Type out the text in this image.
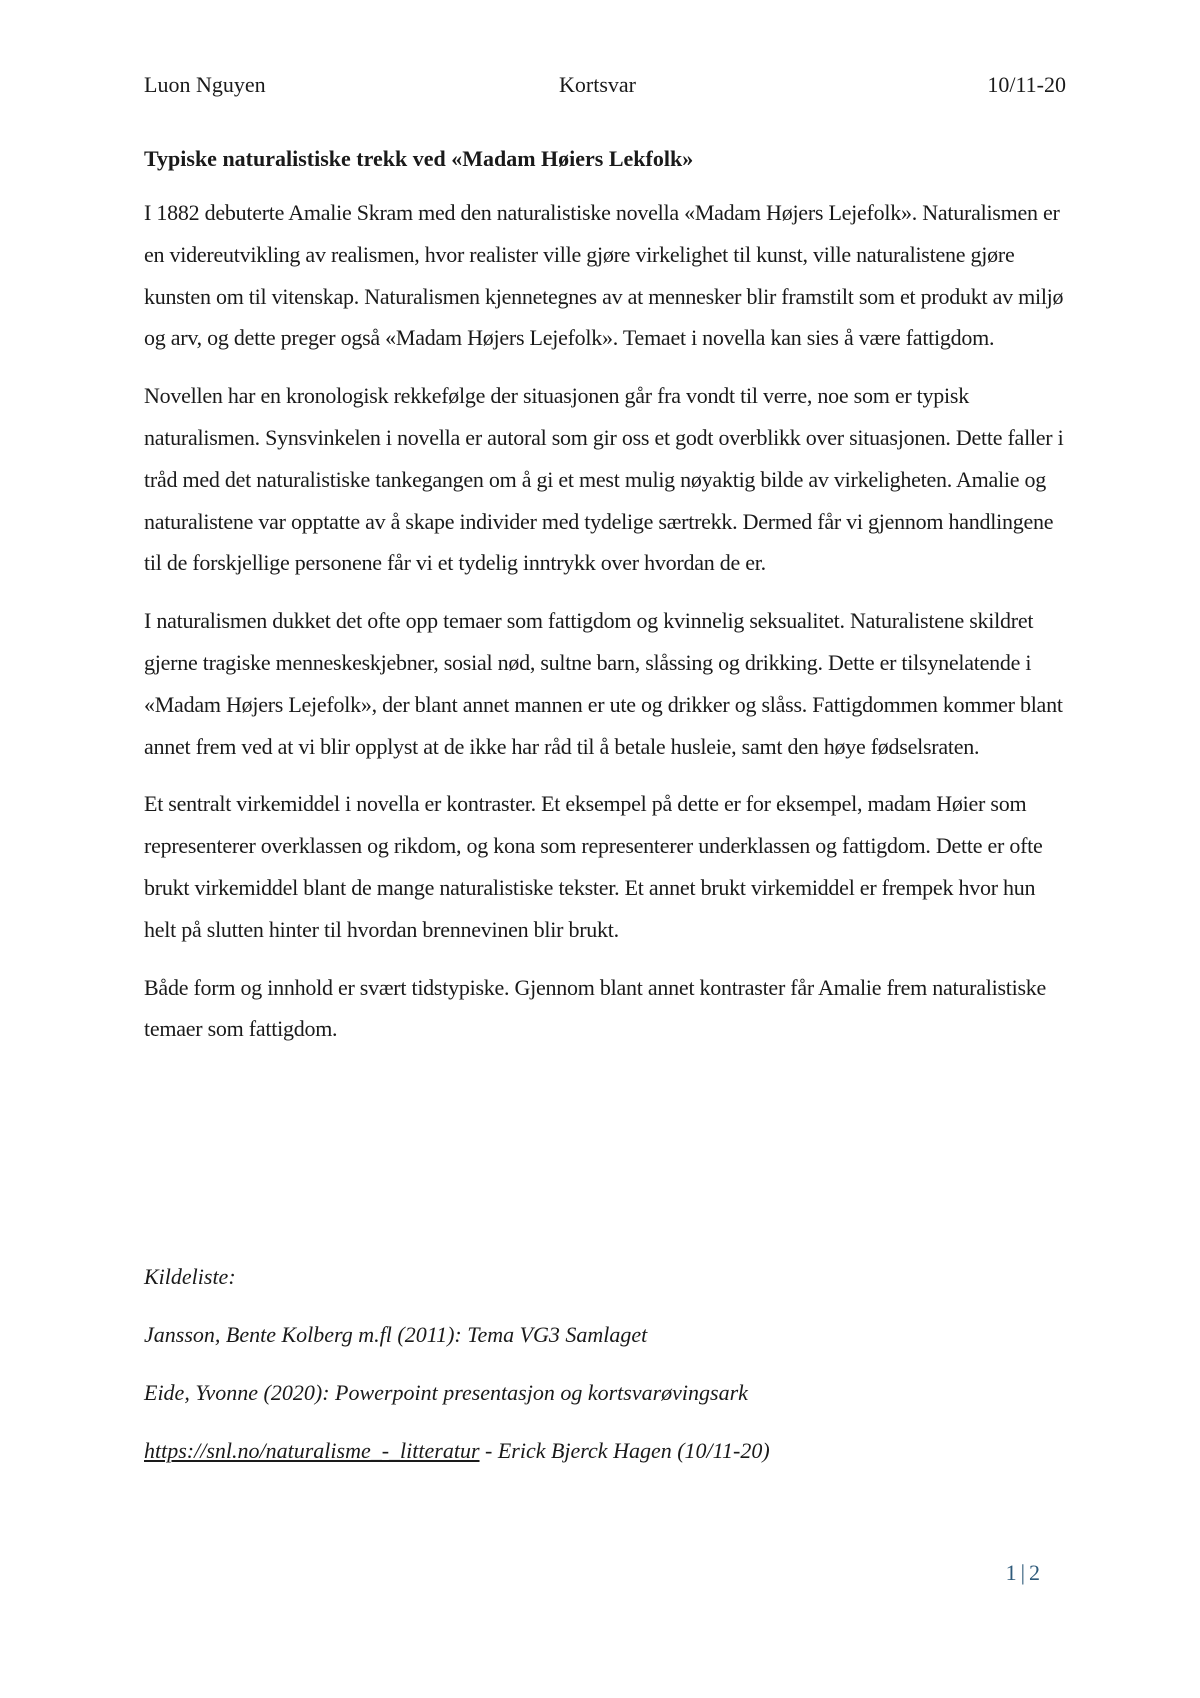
Luon Nguyen	Kortsvar	10/11-20
Typiske naturalistiske trekk ved «Madam Høiers Lekfolk»

I 1882 debuterte Amalie Skram med den naturalistiske novella «Madam Højers Lejefolk». Naturalismen er en videreutvikling av realismen, hvor realister ville gjøre virkelighet til kunst, ville naturalistene gjøre kunsten om til vitenskap. Naturalismen kjennetegnes av at mennesker blir framstilt som et produkt av miljø og arv, og dette preger også «Madam Højers Lejefolk». Temaet i novella kan sies å være fattigdom.

Novellen har en kronologisk rekkefølge der situasjonen går fra vondt til verre, noe som er typisk naturalismen. Synsvinkelen i novella er autoral som gir oss et godt overblikk over situasjonen. Dette faller i tråd med det naturalistiske tankegangen om å gi et mest mulig nøyaktig bilde av virkeligheten. Amalie og naturalistene var opptatte av å skape individer med tydelige særtrekk. Dermed får vi gjennom handlingene til de forskjellige personene får vi et tydelig inntrykk over hvordan de er.

I naturalismen dukket det ofte opp temaer som fattigdom og kvinnelig seksualitet. Naturalistene skildret gjerne tragiske menneskeskjebner, sosial nød, sultne barn, slåssing og drikking. Dette er tilsynelatende i «Madam Højers Lejefolk», der blant annet mannen er ute og drikker og slåss. Fattigdommen kommer blant annet frem ved at vi blir opplyst at de ikke har råd til å betale husleie, samt den høye fødselsraten.

Et sentralt virkemiddel i novella er kontraster. Et eksempel på dette er for eksempel, madam Høier som representerer overklassen og rikdom, og kona som representerer underklassen og fattigdom. Dette er ofte brukt virkemiddel blant de mange naturalistiske tekster. Et annet brukt virkemiddel er frempek hvor hun helt på slutten hinter til hvordan brennevinen blir brukt.

Både form og innhold er svært tidstypiske. Gjennom blant annet kontraster får Amalie frem naturalistiske temaer som fattigdom.

Kildeliste:
Jansson, Bente Kolberg m.fl (2011): Tema VG3 Samlaget
Eide, Yvonne (2020): Powerpoint presentasjon og kortsvarøvingsark
https://snl.no/naturalisme_-_litteratur - Erick Bjerck Hagen (10/11-20)
1 | 2
